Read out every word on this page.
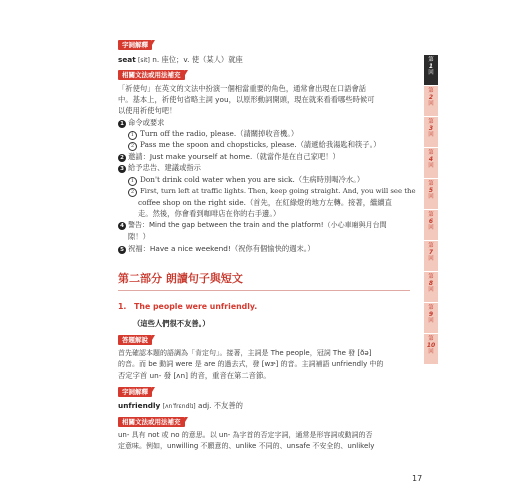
字詞解釋
seat [sit] n. 座位；v. 使（某人）就座
相關文法或用法補充
「祈使句」在英文的文法中扮演一個相當重要的角色，通常會出現在口語會話
中。基本上，祈使句省略主詞 you，以原形動詞開頭，現在就來看看哪些時候可
以使用祈使句吧！
1 命令或要求
1 Turn off the radio, please.（請關掉收音機。）
2 Pass me the spoon and chopsticks, please.（請遞給我湯匙和筷子。）
2 邀請：Just make yourself at home.（就當作是在自己家吧！）
3 給予忠告、建議或指示
1 Don't drink cold water when you are sick.（生病時別喝冷水。）
2 First, turn left at traffic lights. Then, keep going straight. And, you will see the
coffee shop on the right side.（首先，在紅綠燈的地方左轉。接著，繼續直
走。然後，你會看到咖啡店在你的右手邊。）
4 警告：Mind the gap between the train and the platform!（小心車廂與月台間
隙！）
5 祝福：Have a nice weekend!（祝你有個愉快的週末。）
第二部分 朗讀句子與短文
1. The people were unfriendly.
（這些人們很不友善。）
答題解說
首先確認本題的語調為「肯定句」。接著，主詞是 The people，冠詞 The 發 [ðə]
的音。而 be 動詞 were 是 are 的過去式，發 [wɝ] 的音。主詞補語 unfriendly 中的
否定字首 un- 發 [ʌn] 的音，重音在第二音節。
字詞解釋
unfriendly [ʌnˈfrɛndlɪ] adj. 不友善的
相關文法或用法補充
un- 具有 not 或 no 的意思。以 un- 為字首的否定字詞，通常是形容詞或動詞的否
定意味。例如，unwilling 不願意的、unlike 不同的、unsafe 不安全的、unlikely
第
1
回
第
2
回
第
3
回
第
4
回
第
5
回
第
6
回
第
7
回
第
8
回
第
9
回
第
10
回
17
